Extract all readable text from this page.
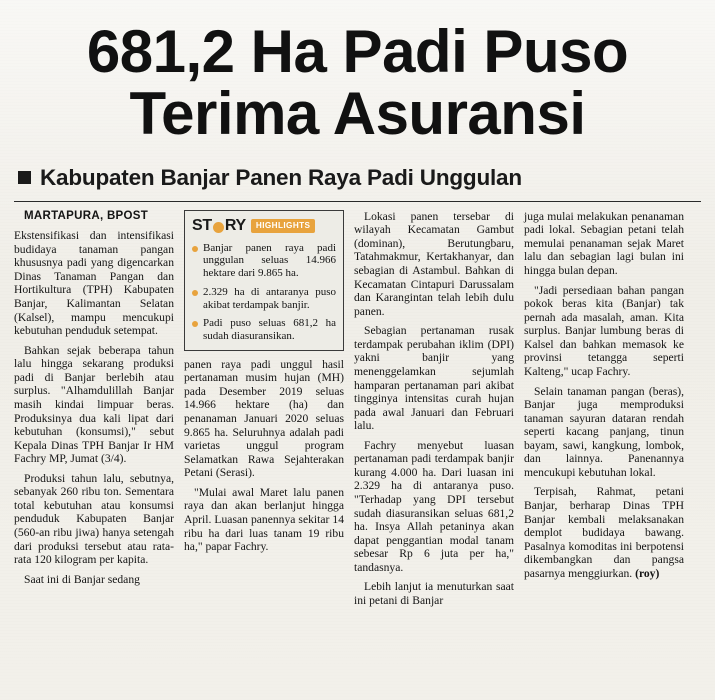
681,2 Ha Padi Puso
Terima Asuransi
Kabupaten Banjar Panen Raya Padi Unggulan

MARTAPURA, BPOST

Ekstensifikasi dan intensifikasi budidaya tanaman pangan khususnya padi yang digencarkan Dinas Tanaman Pangan dan Hortikultura (TPH) Kabupaten Banjar, Kalimantan Selatan (Kalsel), mampu mencukupi kebutuhan penduduk setempat.

Bahkan sejak beberapa tahun lalu hingga sekarang produksi padi di Banjar berlebih atau surplus. "Alhamdulillah Banjar masih kindai limpuar beras. Produksinya dua kali lipat dari kebutuhan (konsumsi)," sebut Kepala Dinas TPH Banjar Ir HM Fachry MP, Jumat (3/4).

Produksi tahun lalu, sebutnya, sebanyak 260 ribu ton. Sementara total kebutuhan atau konsumsi penduduk Kabupaten Banjar (560-an ribu jiwa) hanya setengah dari produksi tersebut atau rata-rata 120 kilogram per kapita.

Saat ini di Banjar sedang

ST RY	HIGHLIGHTS
Banjar panen raya padi unggulan seluas 14.966 hektare dari 9.865 ha.
2.329 ha di antaranya puso akibat terdampak banjir.
Padi puso seluas 681,2 ha sudah diasuransikan.

panen raya padi unggul hasil pertanaman musim hujan (MH) pada Desember 2019 seluas 14.966 hektare (ha) dan penanaman Januari 2020 seluas 9.865 ha. Seluruhnya adalah padi varietas unggul program Selamatkan Rawa Sejahterakan Petani (Serasi).

"Mulai awal Maret lalu panen raya dan akan berlanjut hingga April. Luasan panennya sekitar 14 ribu ha dari luas tanam 19 ribu ha," papar Fachry.

Lokasi panen tersebar di wilayah Kecamatan Gambut (dominan), Berutungbaru, Tatahmakmur, Kertakhanyar, dan sebagian di Astambul. Bahkan di Kecamatan Cintapuri Darussalam dan Karangintan telah lebih dulu panen.

Sebagian pertanaman rusak terdampak perubahan iklim (DPI) yakni banjir yang menenggelamkan sejumlah hamparan pertanaman pari akibat tingginya intensitas curah hujan pada awal Januari dan Februari lalu.

Fachry menyebut luasan pertanaman padi terdampak banjir kurang 4.000 ha. Dari luasan ini 2.329 ha di antaranya puso. "Terhadap yang DPI tersebut sudah diasuransikan seluas 681,2 ha. Insya Allah petaninya akan dapat penggantian modal tanam sebesar Rp 6 juta per ha," tandasnya.

Lebih lanjut ia menuturkan saat ini petani di Banjar

juga mulai melakukan penanaman padi lokal. Sebagian petani telah memulai penanaman sejak Maret lalu dan sebagian lagi bulan ini hingga bulan depan.

"Jadi persediaan bahan pangan pokok beras kita (Banjar) tak pernah ada masalah, aman. Kita surplus. Banjar lumbung beras di Kalsel dan bahkan memasok ke provinsi tetangga seperti Kalteng," ucap Fachry.

Selain tanaman pangan (beras), Banjar juga memproduksi tanaman sayuran dataran rendah seperti kacang panjang, tinun bayam, sawi, kangkung, lombok, dan lainnya. Panenannya mencukupi kebutuhan lokal.

Terpisah, Rahmat, petani Banjar, berharap Dinas TPH Banjar kembali melaksanakan demplot budidaya bawang. Pasalnya komoditas ini berpotensi dikembangkan dan pangsa pasarnya menggiurkan. (roy)
